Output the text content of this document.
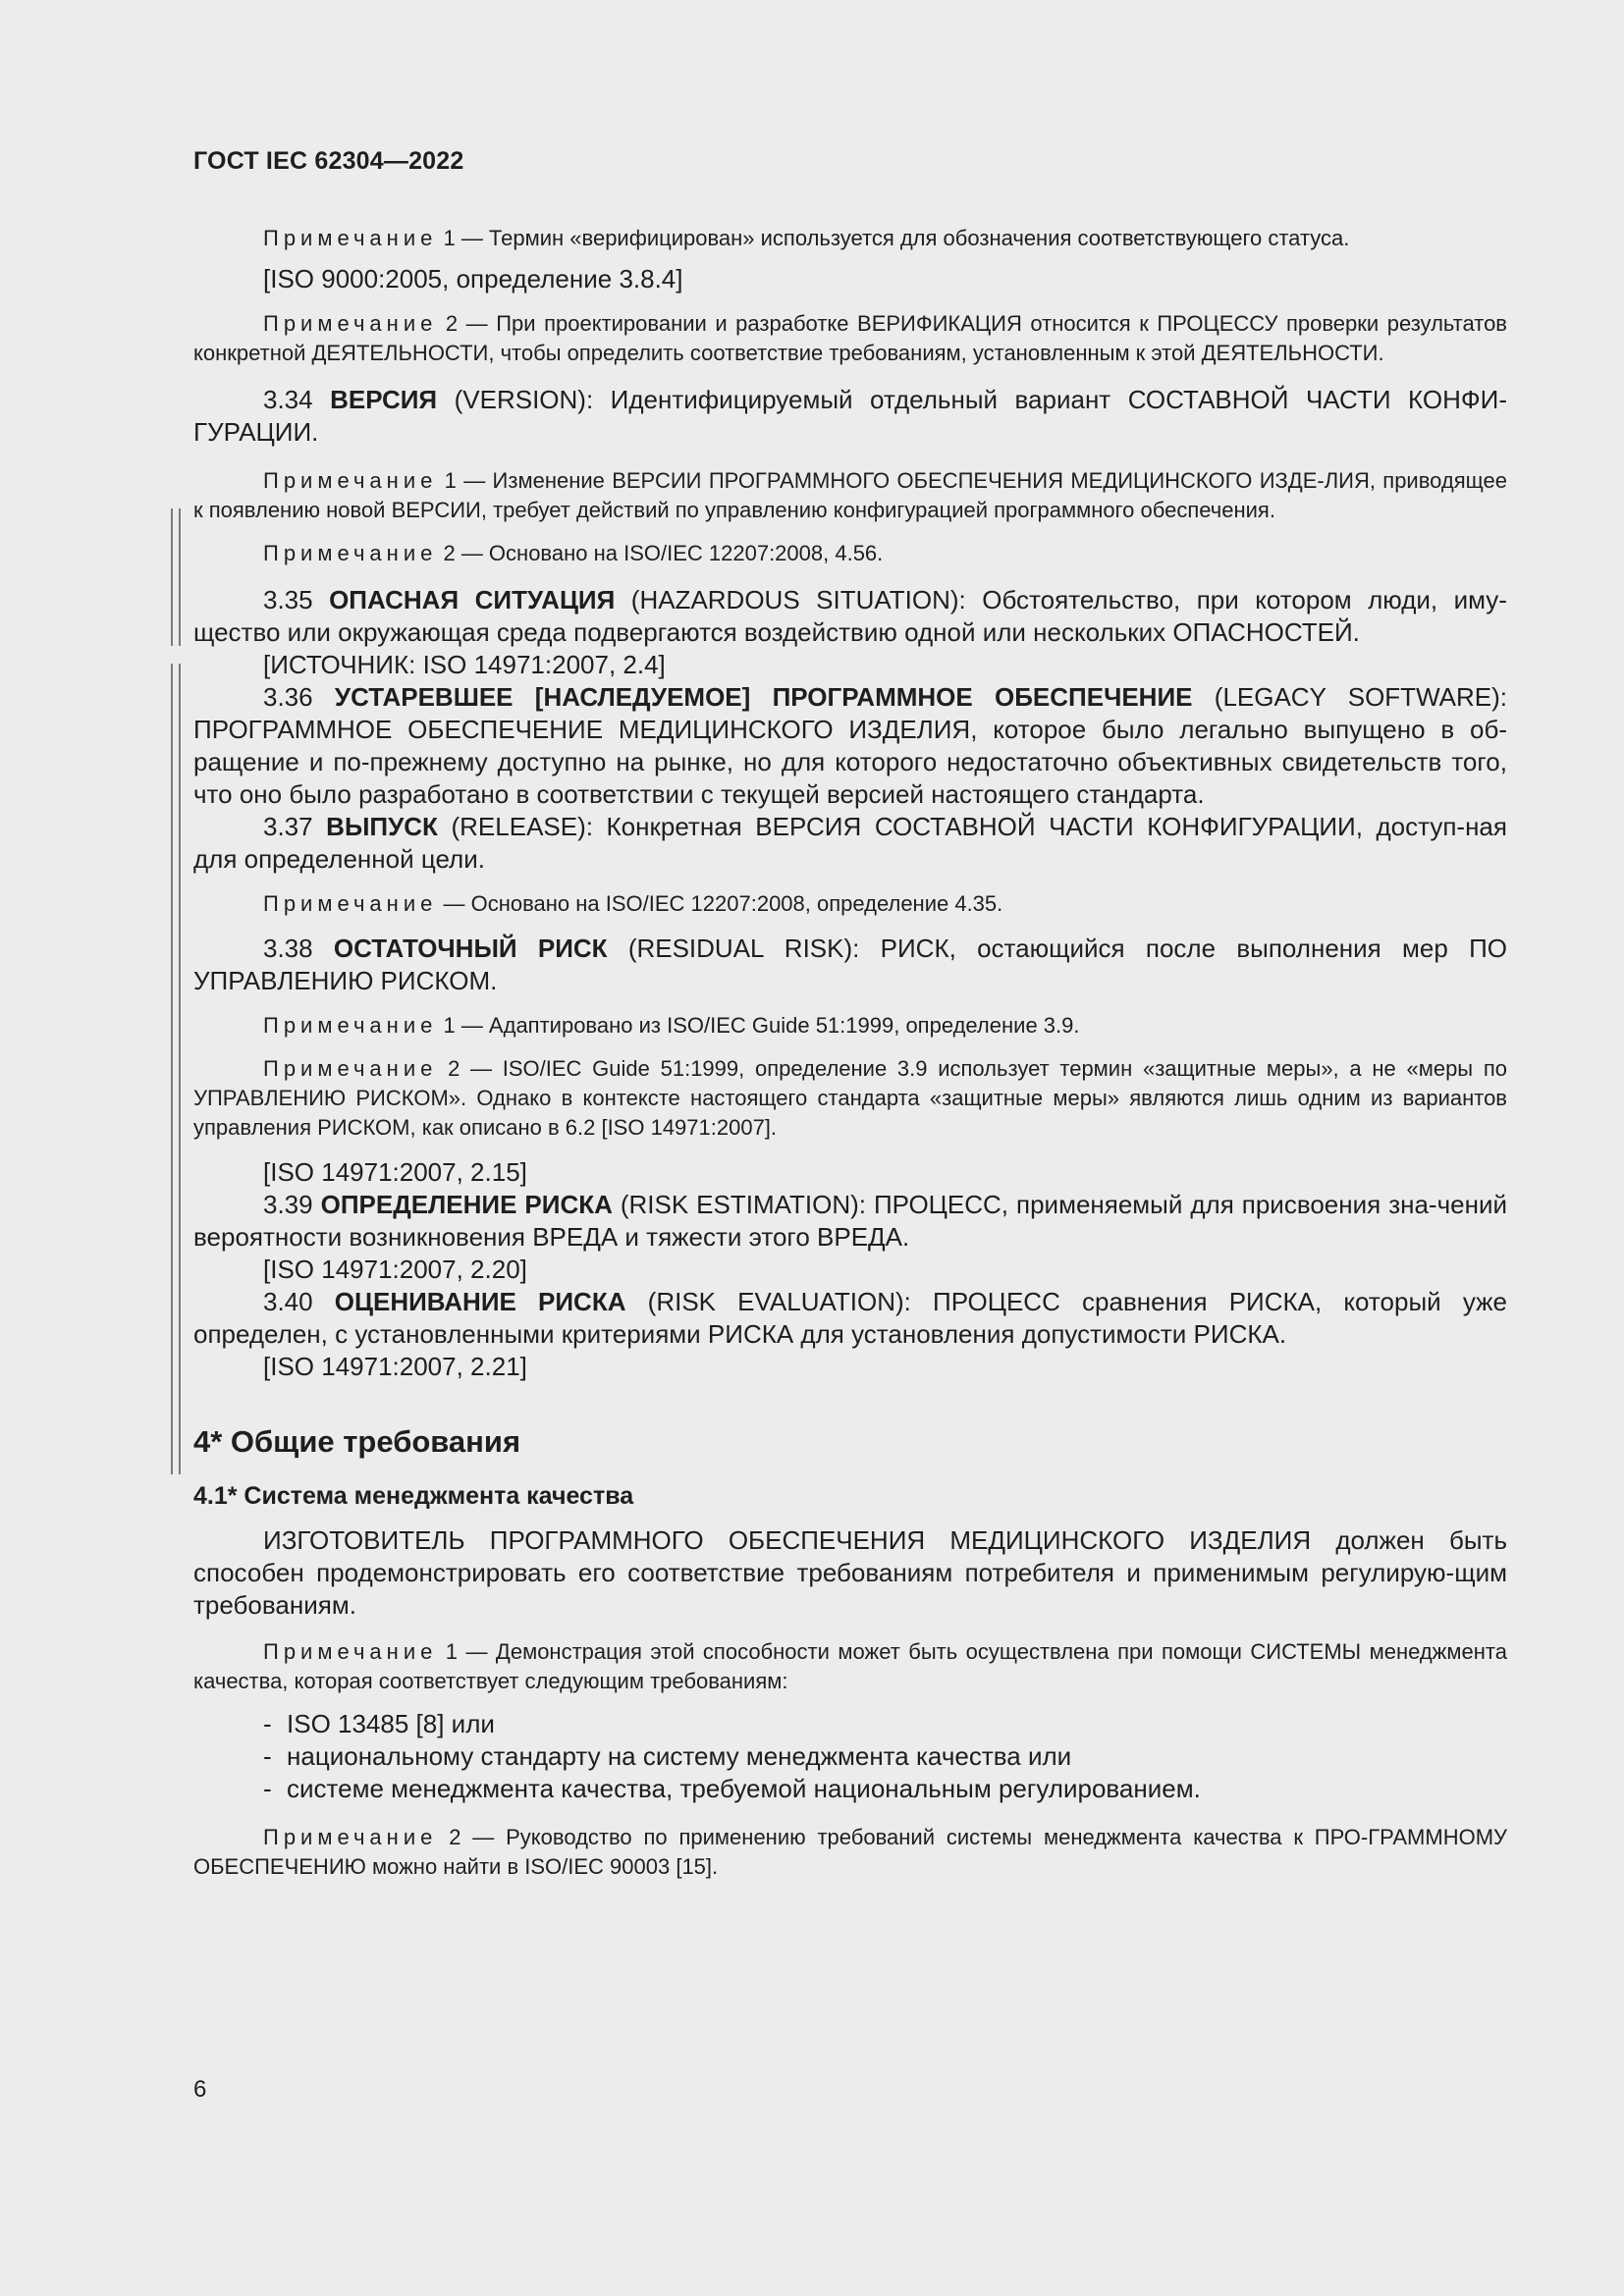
ГОСТ IEC 62304—2022

Примечание 1 — Термин «верифицирован» используется для обозначения соответствующего статуса.

[ISO 9000:2005, определение 3.8.4]

Примечание 2 — При проектировании и разработке ВЕРИФИКАЦИЯ относится к ПРОЦЕССУ проверки результатов конкретной ДЕЯТЕЛЬНОСТИ, чтобы определить соответствие требованиям, установленным к этой ДЕЯТЕЛЬНОСТИ.

3.34 ВЕРСИЯ (VERSION): Идентифицируемый отдельный вариант СОСТАВНОЙ ЧАСТИ КОНФИ-ГУРАЦИИ.

Примечание 1 — Изменение ВЕРСИИ ПРОГРАММНОГО ОБЕСПЕЧЕНИЯ МЕДИЦИНСКОГО ИЗДЕ-ЛИЯ, приводящее к появлению новой ВЕРСИИ, требует действий по управлению конфигурацией программного обеспечения.

Примечание 2 — Основано на ISO/IEC 12207:2008, 4.56.

3.35 ОПАСНАЯ СИТУАЦИЯ (HAZARDOUS SITUATION): Обстоятельство, при котором люди, иму-щество или окружающая среда подвергаются воздействию одной или нескольких ОПАСНОСТЕЙ.

[ИСТОЧНИК: ISO 14971:2007, 2.4]

3.36 УСТАРЕВШЕЕ [НАСЛЕДУЕМОЕ] ПРОГРАММНОЕ ОБЕСПЕЧЕНИЕ (LEGACY SOFTWARE): ПРОГРАММНОЕ ОБЕСПЕЧЕНИЕ МЕДИЦИНСКОГО ИЗДЕЛИЯ, которое было легально выпущено в об-ращение и по-прежнему доступно на рынке, но для которого недостаточно объективных свидетельств того, что оно было разработано в соответствии с текущей версией настоящего стандарта.

3.37 ВЫПУСК (RELEASE): Конкретная ВЕРСИЯ СОСТАВНОЙ ЧАСТИ КОНФИГУРАЦИИ, доступ-ная для определенной цели.

Примечание — Основано на ISO/IEC 12207:2008, определение 4.35.

3.38 ОСТАТОЧНЫЙ РИСК (RESIDUAL RISK): РИСК, остающийся после выполнения мер ПО УПРАВЛЕНИЮ РИСКОМ.

Примечание 1 — Адаптировано из ISO/IEC Guide 51:1999, определение 3.9.

Примечание 2 — ISO/IEC Guide 51:1999, определение 3.9 использует термин «защитные меры», а не «меры по УПРАВЛЕНИЮ РИСКОМ». Однако в контексте настоящего стандарта «защитные меры» являются лишь одним из вариантов управления РИСКОМ, как описано в 6.2 [ISO 14971:2007].

[ISO 14971:2007, 2.15]

3.39 ОПРЕДЕЛЕНИЕ РИСКА (RISK ESTIMATION): ПРОЦЕСС, применяемый для присвоения зна-чений вероятности возникновения ВРЕДА и тяжести этого ВРЕДА.

[ISO 14971:2007, 2.20]

3.40 ОЦЕНИВАНИЕ РИСКА (RISK EVALUATION): ПРОЦЕСС сравнения РИСКА, который уже определен, с установленными критериями РИСКА для установления допустимости РИСКА.

[ISO 14971:2007, 2.21]

4* Общие требования

4.1* Система менеджмента качества

ИЗГОТОВИТЕЛЬ ПРОГРАММНОГО ОБЕСПЕЧЕНИЯ МЕДИЦИНСКОГО ИЗДЕЛИЯ должен быть способен продемонстрировать его соответствие требованиям потребителя и применимым регулирую-щим требованиям.

Примечание 1 — Демонстрация этой способности может быть осуществлена при помощи СИСТЕМЫ менеджмента качества, которая соответствует следующим требованиям:

- ISO 13485 [8] или
- национальному стандарту на систему менеджмента качества или
- системе менеджмента качества, требуемой национальным регулированием.

Примечание 2 — Руководство по применению требований системы менеджмента качества к ПРО-ГРАММНОМУ ОБЕСПЕЧЕНИЮ можно найти в ISO/IEC 90003 [15].

6
